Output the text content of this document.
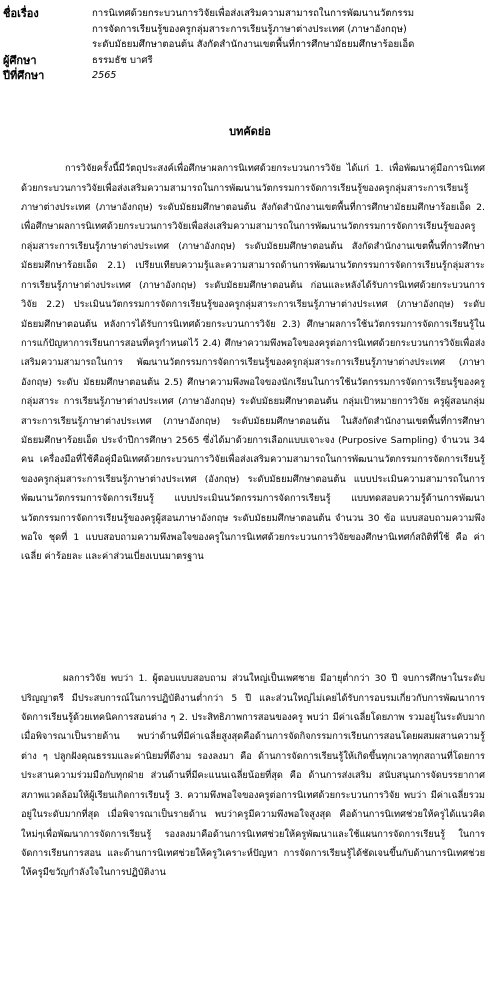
ชื่อเรื่อง	การนิเทศด้วยกระบวนการวิจัยเพื่อส่งเสริมความสามารถในการพัฒนานวัตกรรม
การจัดการเรียนรู้ของครูกลุ่มสาระการเรียนรู้ภาษาต่างประเทศ (ภาษาอังกฤษ)
ระดับมัธยมศึกษาตอนต้น สังกัดสำนักงานเขตพื้นที่การศึกษามัธยมศึกษาร้อยเอ็ด
ผู้ศึกษา	ธรรมธัช บาศรี
ปีที่ศึกษา	2565
บทคัดย่อ

การวิจัยครั้งนี้มีวัตถุประสงค์เพื่อศึกษาผลการนิเทศด้วยกระบวนการวิจัย ได้แก่ 1. เพื่อพัฒนาคู่มือการนิเทศด้วยกระบวนการวิจัยเพื่อส่งเสริมความสามารถในการพัฒนานวัตกรรมการจัดการเรียนรู้ของครูกลุ่มสาระการเรียนรู้ภาษาต่างประเทศ (ภาษาอังกฤษ) ระดับมัธยมศึกษาตอนต้น สังกัดสำนักงานเขตพื้นที่การศึกษามัธยมศึกษาร้อยเอ็ด 2. เพื่อศึกษาผลการนิเทศด้วยกระบวนการวิจัยเพื่อส่งเสริมความสามารถในการพัฒนานวัตกรรมการจัดการเรียนรู้ของครูกลุ่มสาระการเรียนรู้ภาษาต่างประเทศ (ภาษาอังกฤษ) ระดับมัธยมศึกษาตอนต้น สังกัดสำนักงานเขตพื้นที่การศึกษามัธยมศึกษาร้อยเอ็ด 2.1) เปรียบเทียบความรู้และความสามารถด้านการพัฒนานวัตกรรมการจัดการเรียนรู้กลุ่มสาระการเรียนรู้ภาษาต่างประเทศ (ภาษาอังกฤษ) ระดับมัธยมศึกษาตอนต้น ก่อนและหลังได้รับการนิเทศด้วยกระบวนการวิจัย 2.2) ประเมินนวัตกรรมการจัดการเรียนรู้ของครูกลุ่มสาระการเรียนรู้ภาษาต่างประเทศ (ภาษาอังกฤษ) ระดับมัธยมศึกษาตอนต้น หลังการได้รับการนิเทศด้วยกระบวนการวิจัย 2.3) ศึกษาผลการใช้นวัตกรรมการจัดการเรียนรู้ในการแก้ปัญหาการเรียนการสอนที่ครูกำหนดไว้ 2.4) ศึกษาความพึงพอใจของครูต่อการนิเทศด้วยกระบวนการวิจัยเพื่อส่งเสริมความสามารถในการ พัฒนานวัตกรรมการจัดการเรียนรู้ของครูกลุ่มสาระการเรียนรู้ภาษาต่างประเทศ (ภาษาอังกฤษ) ระดับ มัธยมศึกษาตอนต้น 2.5) ศึกษาความพึงพอใจของนักเรียนในการใช้นวัตกรรมการจัดการเรียนรู้ของครูกลุ่มสาระ การเรียนรู้ภาษาต่างประเทศ (ภาษาอังกฤษ) ระดับมัธยมศึกษาตอนต้น กลุ่มเป้าหมายการวิจัย ครูผู้สอนกลุ่มสาระการเรียนรู้ภาษาต่างประเทศ (ภาษาอังกฤษ) ระดับมัธยมศึกษาตอนต้น ในสังกัดสำนักงานเขตพื้นที่การศึกษามัธยมศึกษาร้อยเอ็ด ประจำปีการศึกษา 2565 ซึ่งได้มาด้วยการเลือกแบบเจาะจง (Purposive Sampling) จำนวน 34 คน เครื่องมือที่ใช้คือคู่มือนิเทศด้วยกระบวนการวิจัยเพื่อส่งเสริมความสามารถในการพัฒนานวัตกรรมการจัดการเรียนรู้ของครูกลุ่มสาระการเรียนรู้ภาษาต่างประเทศ (อังกฤษ) ระดับมัธยมศึกษาตอนต้น แบบประเมินความสามารถในการพัฒนานวัตกรรมการจัดการเรียนรู้ แบบประเมินนวัตกรรมการจัดการเรียนรู้ แบบทดสอบความรู้ด้านการพัฒนานวัตกรรมการจัดการเรียนรู้ของครูผู้สอนภาษาอังกฤษ ระดับมัธยมศึกษาตอนต้น จำนวน 30 ข้อ แบบสอบถามความพึงพอใจ ชุดที่ 1 แบบสอบถามความพึงพอใจของครูในการนิเทศด้วยกระบวนการวิจัยของศึกษานิเทศก์สถิติที่ใช้ คือ ค่าเฉลี่ย ค่าร้อยละ และค่าส่วนเบี่ยงเบนมาตรฐาน

ผลการวิจัย พบว่า 1. ผู้ตอบแบบสอบถาม ส่วนใหญ่เป็นเพศชาย มีอายุต่ำกว่า 30 ปี จบการศึกษาในระดับปริญญาตรี มีประสบการณ์ในการปฏิบัติงานต่ำกว่า 5 ปี และส่วนใหญ่ไม่เคยได้รับการอบรมเกี่ยวกับการพัฒนาการจัดการเรียนรู้ด้วยเทคนิคการสอนต่าง ๆ 2. ประสิทธิภาพการสอนของครู พบว่า มีค่าเฉลี่ยโดยภาพ รวมอยู่ในระดับมาก เมื่อพิจารณาเป็นรายด้าน พบว่าด้านที่มีค่าเฉลี่ยสูงสุดคือด้านการจัดกิจกรรมการเรียนการสอนโดยผสมผสานความรู้ต่าง ๆ ปลูกฝังคุณธรรมและค่านิยมที่ดีงาม รองลงมา คือ ด้านการจัดการเรียนรู้ให้เกิดขึ้นทุกเวลาทุกสถานที่โดยการประสานความร่วมมือกับทุกฝ่าย ส่วนด้านที่มีคะแนนเฉลี่ยน้อยที่สุด คือ ด้านการส่งเสริม สนับสนุนการจัดบรรยากาศสภาพแวดล้อมให้ผู้เรียนเกิดการเรียนรู้ 3. ความพึงพอใจของครูต่อการนิเทศด้วยกระบวนการวิจัย พบว่า มีค่าเฉลี่ยรวมอยู่ในระดับมากที่สุด เมื่อพิจารณาเป็นรายด้าน พบว่าครูมีความพึงพอใจสูงสุด คือด้านการนิเทศช่วยให้ครูได้แนวคิดใหม่ๆเพื่อพัฒนาการจัดการเรียนรู้ รองลงมาคือด้านการนิเทศช่วยให้ครูพัฒนาและใช้แผนการจัดการเรียนรู้ ในการจัดการเรียนการสอน และด้านการนิเทศช่วยให้ครูวิเคราะห์ปัญหา การจัดการเรียนรู้ได้ชัดเจนขึ้นกับด้านการนิเทศช่วยให้ครูมีขวัญกำลังใจในการปฏิบัติงาน
